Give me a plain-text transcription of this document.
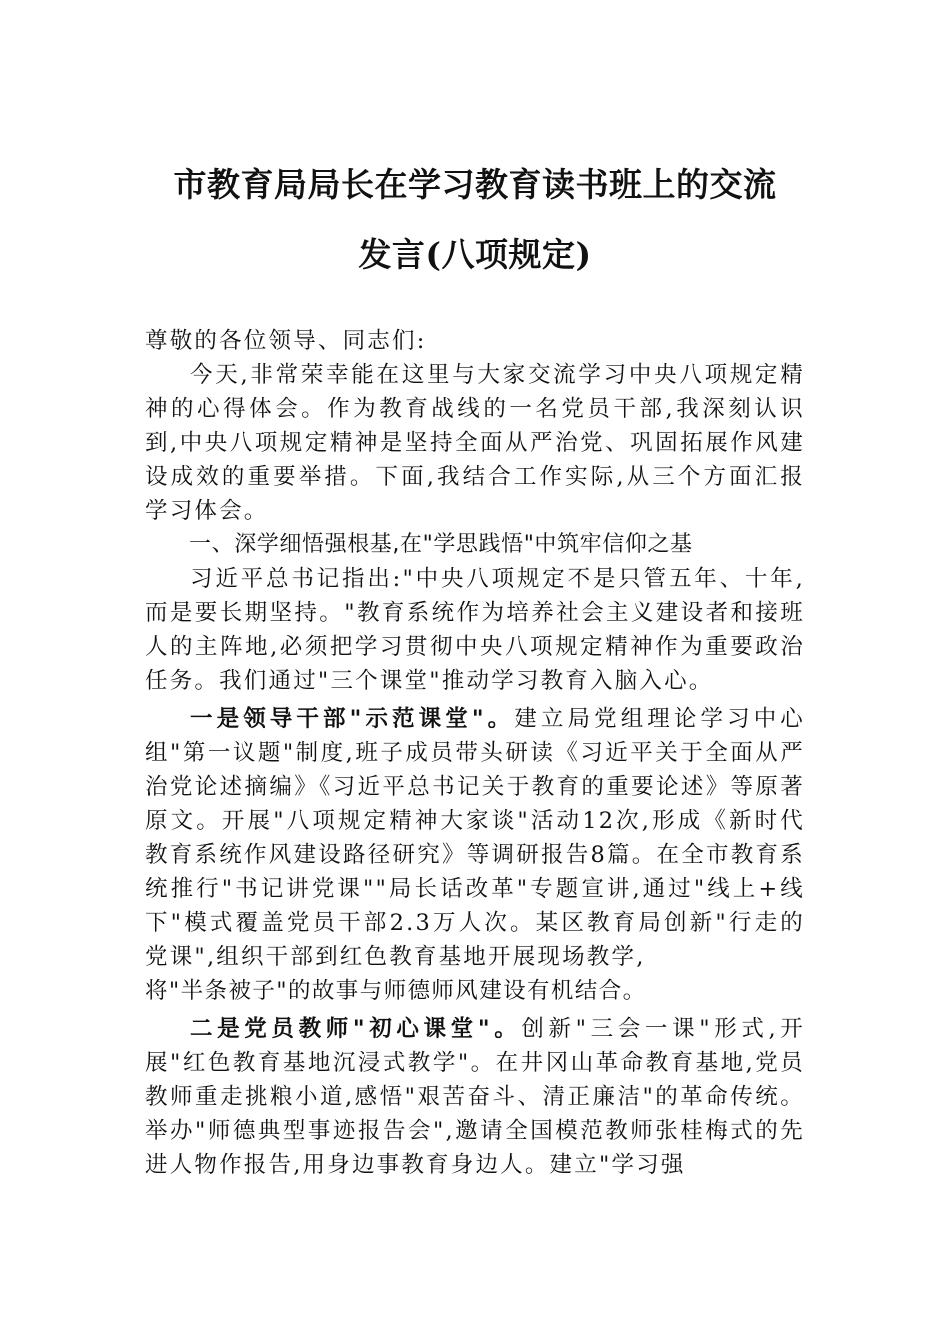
市教育局局长在学习教育读书班上的交流
发言(八项规定)

尊敬的各位领导、同志们:

今天,非常荣幸能在这里与大家交流学习中央八项规定精神的心得体会。作为教育战线的一名党员干部,我深刻认识到,中央八项规定精神是坚持全面从严治党、巩固拓展作风建设成效的重要举措。下面,我结合工作实际,从三个方面汇报学习体会。

一、深学细悟强根基,在"学思践悟"中筑牢信仰之基

习近平总书记指出:"中央八项规定不是只管五年、十年,而是要长期坚持。"教育系统作为培养社会主义建设者和接班人的主阵地,必须把学习贯彻中央八项规定精神作为重要政治任务。我们通过"三个课堂"推动学习教育入脑入心。

一是领导干部"示范课堂"。建立局党组理论学习中心组"第一议题"制度,班子成员带头研读《习近平关于全面从严治党论述摘编》《习近平总书记关于教育的重要论述》等原著原文。开展"八项规定精神大家谈"活动12次,形成《新时代教育系统作风建设路径研究》等调研报告8篇。在全市教育系统推行"书记讲党课""局长话改革"专题宣讲,通过"线上+线下"模式覆盖党员干部2.3万人次。某区教育局创新"行走的党课",组织干部到红色教育基地开展现场教学,
将"半条被子"的故事与师德师风建设有机结合。

二是党员教师"初心课堂"。创新"三会一课"形式,开展"红色教育基地沉浸式教学"。在井冈山革命教育基地,党员教师重走挑粮小道,感悟"艰苦奋斗、清正廉洁"的革命传统。举办"师德典型事迹报告会",邀请全国模范教师张桂梅式的先进人物作报告,用身边事教育身边人。建立"学习强
